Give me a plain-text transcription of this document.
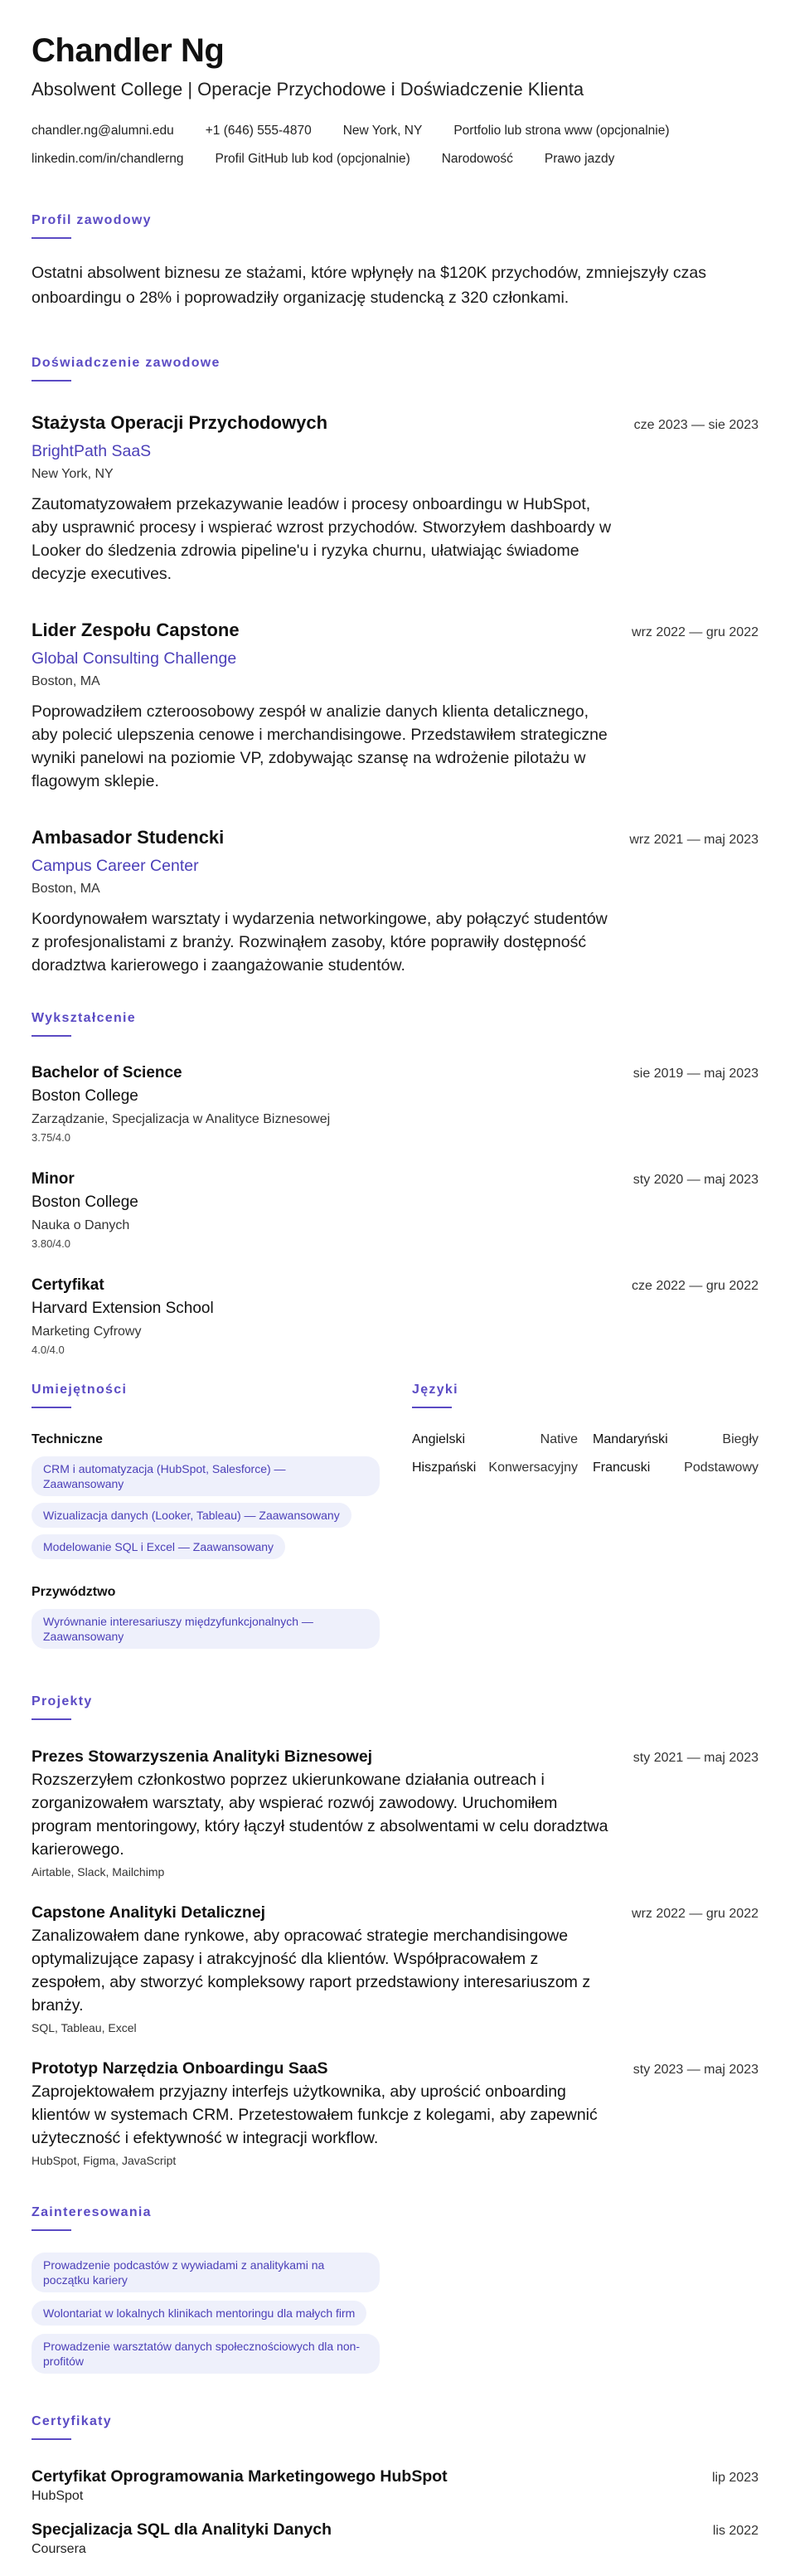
Chandler Ng
Absolwent College | Operacje Przychodowe i Doświadczenie Klienta
chandler.ng@alumni.edu +1 (646) 555-4870 New York, NY Portfolio lub strona www (opcjonalnie)
linkedin.com/in/chandlerng Profil GitHub lub kod (opcjonalnie) Narodowość Prawo jazdy
Profil zawodowy
Ostatni absolwent biznesu ze stażami, które wpłynęły na $120K przychodów, zmniejszyły czas onboardingu o 28% i poprowadziły organizację studencką z 320 członkami.
Doświadczenie zawodowe
Stażysta Operacji Przychodowych	cze 2023 — sie 2023
BrightPath SaaS
New York, NY
Zautomatyzowałem przekazywanie leadów i procesy onboardingu w HubSpot, aby usprawnić procesy i wspierać wzrost przychodów. Stworzyłem dashboardy w Looker do śledzenia zdrowia pipeline'u i ryzyka churnu, ułatwiając świadome decyzje executives.
Lider Zespołu Capstone	wrz 2022 — gru 2022
Global Consulting Challenge
Boston, MA
Poprowadziłem czteroosobowy zespół w analizie danych klienta detalicznego, aby polecić ulepszenia cenowe i merchandisingowe. Przedstawiłem strategiczne wyniki panelowi na poziomie VP, zdobywając szansę na wdrożenie pilotażu w flagowym sklepie.
Ambasador Studencki	wrz 2021 — maj 2023
Campus Career Center
Boston, MA
Koordynowałem warsztaty i wydarzenia networkingowe, aby połączyć studentów z profesjonalistami z branży. Rozwinąłem zasoby, które poprawiły dostępność doradztwa karierowego i zaangażowanie studentów.
Wykształcenie
Bachelor of Science	sie 2019 — maj 2023
Boston College
Zarządzanie, Specjalizacja w Analityce Biznesowej
3.75/4.0
Minor	sty 2020 — maj 2023
Boston College
Nauka o Danych
3.80/4.0
Certyfikat	cze 2022 — gru 2022
Harvard Extension School
Marketing Cyfrowy
4.0/4.0
Umiejętności
Techniczne
CRM i automatyzacja (HubSpot, Salesforce) — Zaawansowany
Wizualizacja danych (Looker, Tableau) — Zaawansowany
Modelowanie SQL i Excel — Zaawansowany
Przywództwo
Wyrównanie interesariuszy międzyfunkcjonalnych — Zaawansowany
Języki
Angielski	Native Mandaryński	Biegły
Hiszpański Konwersacyjny Francuski	Podstawowy
Projekty
Prezes Stowarzyszenia Analityki Biznesowej	sty 2021 — maj 2023
Rozszerzyłem członkostwo poprzez ukierunkowane działania outreach i zorganizowałem warsztaty, aby wspierać rozwój zawodowy. Uruchomiłem program mentoringowy, który łączył studentów z absolwentami w celu doradztwa karierowego.
Airtable, Slack, Mailchimp
Capstone Analityki Detalicznej	wrz 2022 — gru 2022
Zanalizowałem dane rynkowe, aby opracować strategie merchandisingowe optymalizujące zapasy i atrakcyjność dla klientów. Współpracowałem z zespołem, aby stworzyć kompleksowy raport przedstawiony interesariuszom z branży.
SQL, Tableau, Excel
Prototyp Narzędzia Onboardingu SaaS	sty 2023 — maj 2023
Zaprojektowałem przyjazny interfejs użytkownika, aby uprościć onboarding klientów w systemach CRM. Przetestowałem funkcje z kolegami, aby zapewnić użyteczność i efektywność w integracji workflow.
HubSpot, Figma, JavaScript
Zainteresowania
Prowadzenie podcastów z wywiadami z analitykami na początku kariery
Wolontariat w lokalnych klinikach mentoringu dla małych firm
Prowadzenie warsztatów danych społecznościowych dla non-profitów
Certyfikaty
Certyfikat Oprogramowania Marketingowego HubSpot	lip 2023
HubSpot
Specjalizacja SQL dla Analityki Danych	lis 2022
Coursera
